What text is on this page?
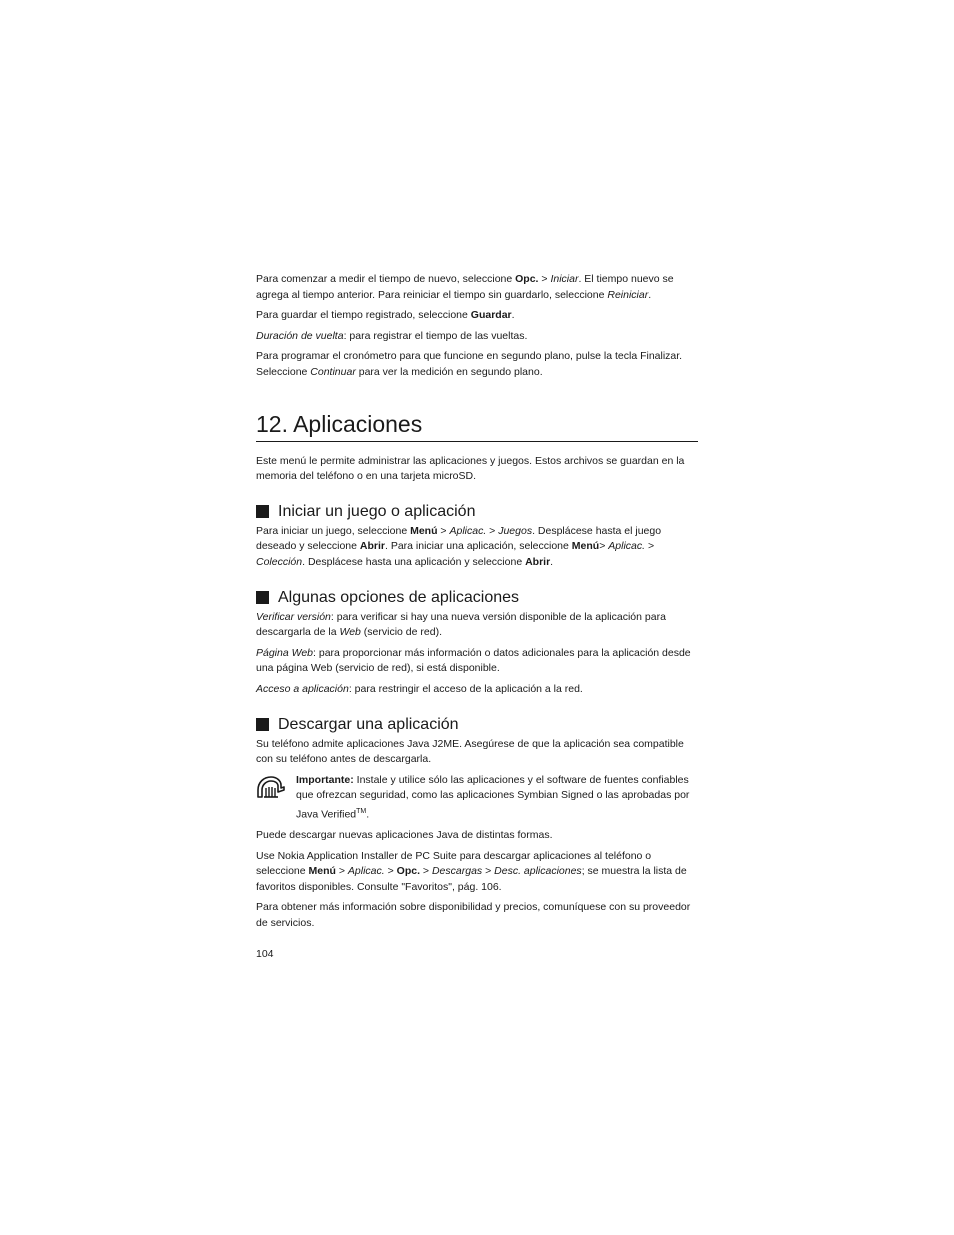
Para comenzar a medir el tiempo de nuevo, seleccione Opc. > Iniciar. El tiempo nuevo se agrega al tiempo anterior. Para reiniciar el tiempo sin guardarlo, seleccione Reiniciar.

Para guardar el tiempo registrado, seleccione Guardar.

Duración de vuelta: para registrar el tiempo de las vueltas.

Para programar el cronómetro para que funcione en segundo plano, pulse la tecla Finalizar. Seleccione Continuar para ver la medición en segundo plano.

12. Aplicaciones

Este menú le permite administrar las aplicaciones y juegos. Estos archivos se guardan en la memoria del teléfono o en una tarjeta microSD.

Iniciar un juego o aplicación

Para iniciar un juego, seleccione Menú > Aplicac. > Juegos. Desplácese hasta el juego deseado y seleccione Abrir. Para iniciar una aplicación, seleccione Menú> Aplicac. > Colección. Desplácese hasta una aplicación y seleccione Abrir.

Algunas opciones de aplicaciones

Verificar versión: para verificar si hay una nueva versión disponible de la aplicación para descargarla de la Web (servicio de red).

Página Web: para proporcionar más información o datos adicionales para la aplicación desde una página Web (servicio de red), si está disponible.

Acceso a aplicación: para restringir el acceso de la aplicación a la red.

Descargar una aplicación

Su teléfono admite aplicaciones Java J2ME. Asegúrese de que la aplicación sea compatible con su teléfono antes de descargarla.

Importante: Instale y utilice sólo las aplicaciones y el software de fuentes confiables que ofrezcan seguridad, como las aplicaciones Symbian Signed o las aprobadas por Java Verified™.

Puede descargar nuevas aplicaciones Java de distintas formas.

Use Nokia Application Installer de PC Suite para descargar aplicaciones al teléfono o seleccione Menú > Aplicac. > Opc. > Descargas > Desc. aplicaciones; se muestra la lista de favoritos disponibles. Consulte "Favoritos", pág. 106.

Para obtener más información sobre disponibilidad y precios, comuníquese con su proveedor de servicios.

104
